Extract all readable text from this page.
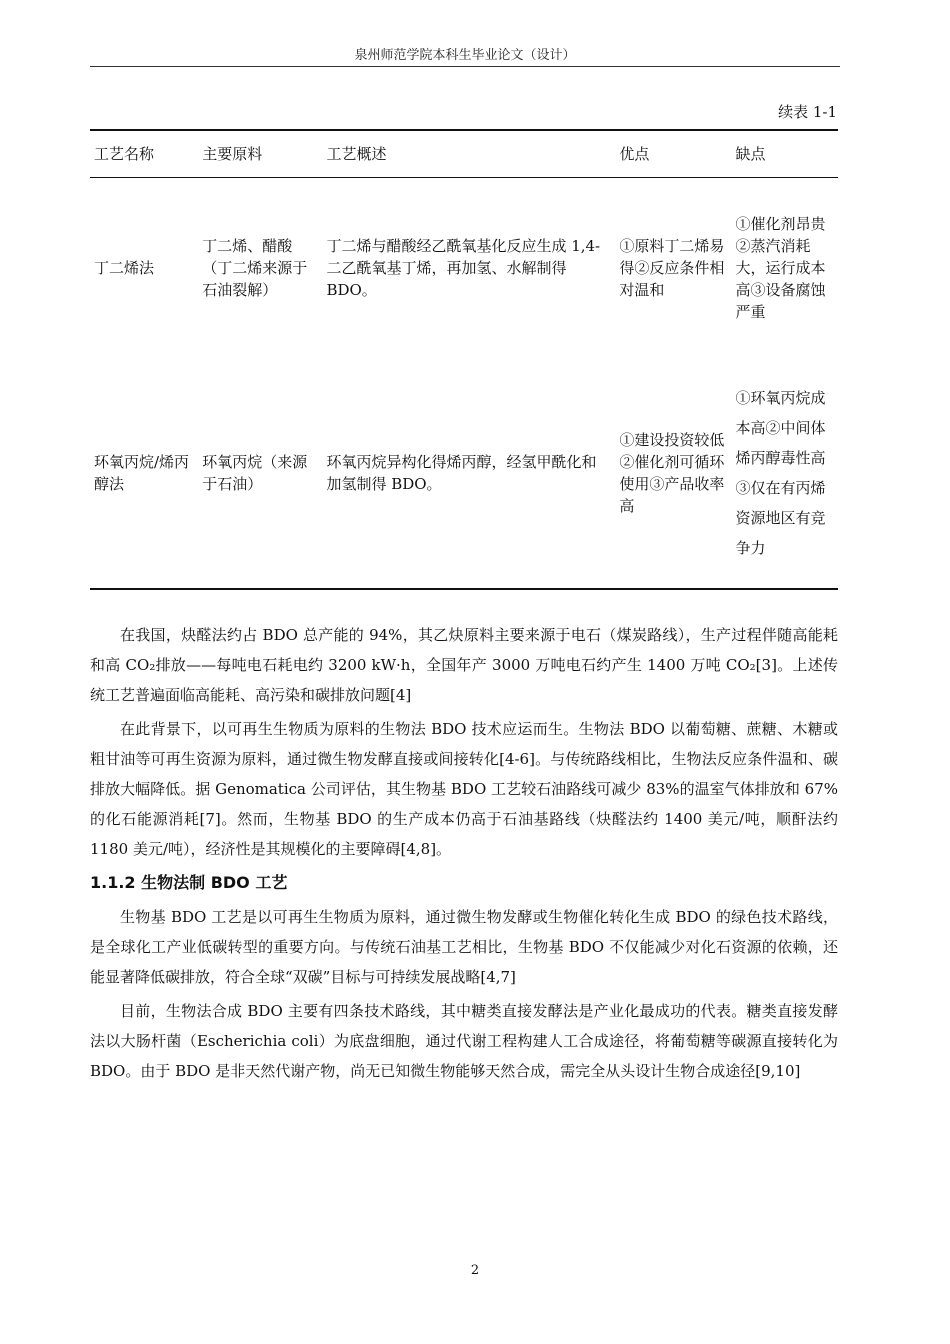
泉州师范学院本科生毕业论文（设计）
续表 1-1
工艺名称	主要原料	工艺概述	优点	缺点
丁二烯法	丁二烯、醋酸（丁二烯来源于石油裂解）	丁二烯与醋酸经乙酰氧基化反应生成 1,4-二乙酰氧基丁烯，再加氢、水解制得 BDO。	①原料丁二烯易得②反应条件相对温和	①催化剂昂贵②蒸汽消耗大，运行成本高③设备腐蚀严重
环氧丙烷/烯丙醇法	环氧丙烷（来源于石油）	环氧丙烷异构化得烯丙醇，经氢甲酰化和加氢制得 BDO。	①建设投资较低②催化剂可循环使用③产品收率高	①环氧丙烷成本高②中间体烯丙醇毒性高③仅在有丙烯资源地区有竞争力

在我国，炔醛法约占 BDO 总产能的 94%，其乙炔原料主要来源于电石（煤炭路线），生产过程伴随高能耗和高 CO₂排放——每吨电石耗电约 3200 kW·h，全国年产 3000 万吨电石约产生 1400 万吨 CO₂[3]。上述传统工艺普遍面临高能耗、高污染和碳排放问题[4]

在此背景下，以可再生生物质为原料的生物法 BDO 技术应运而生。生物法 BDO 以葡萄糖、蔗糖、木糖或粗甘油等可再生资源为原料，通过微生物发酵直接或间接转化[4-6]。与传统路线相比，生物法反应条件温和、碳排放大幅降低。据 Genomatica 公司评估，其生物基 BDO 工艺较石油路线可减少 83%的温室气体排放和 67%的化石能源消耗[7]。然而，生物基 BDO 的生产成本仍高于石油基路线（炔醛法约 1400 美元/吨，顺酐法约 1180 美元/吨），经济性是其规模化的主要障碍[4,8]。

1.1.2 生物法制 BDO 工艺

生物基 BDO 工艺是以可再生生物质为原料，通过微生物发酵或生物催化转化生成 BDO 的绿色技术路线，是全球化工产业低碳转型的重要方向。与传统石油基工艺相比，生物基 BDO 不仅能减少对化石资源的依赖，还能显著降低碳排放，符合全球“双碳”目标与可持续发展战略[4,7]

目前，生物法合成 BDO 主要有四条技术路线，其中糖类直接发酵法是产业化最成功的代表。糖类直接发酵法以大肠杆菌（Escherichia coli）为底盘细胞，通过代谢工程构建人工合成途径，将葡萄糖等碳源直接转化为 BDO。由于 BDO 是非天然代谢产物，尚无已知微生物能够天然合成，需完全从头设计生物合成途径[9,10]

2
